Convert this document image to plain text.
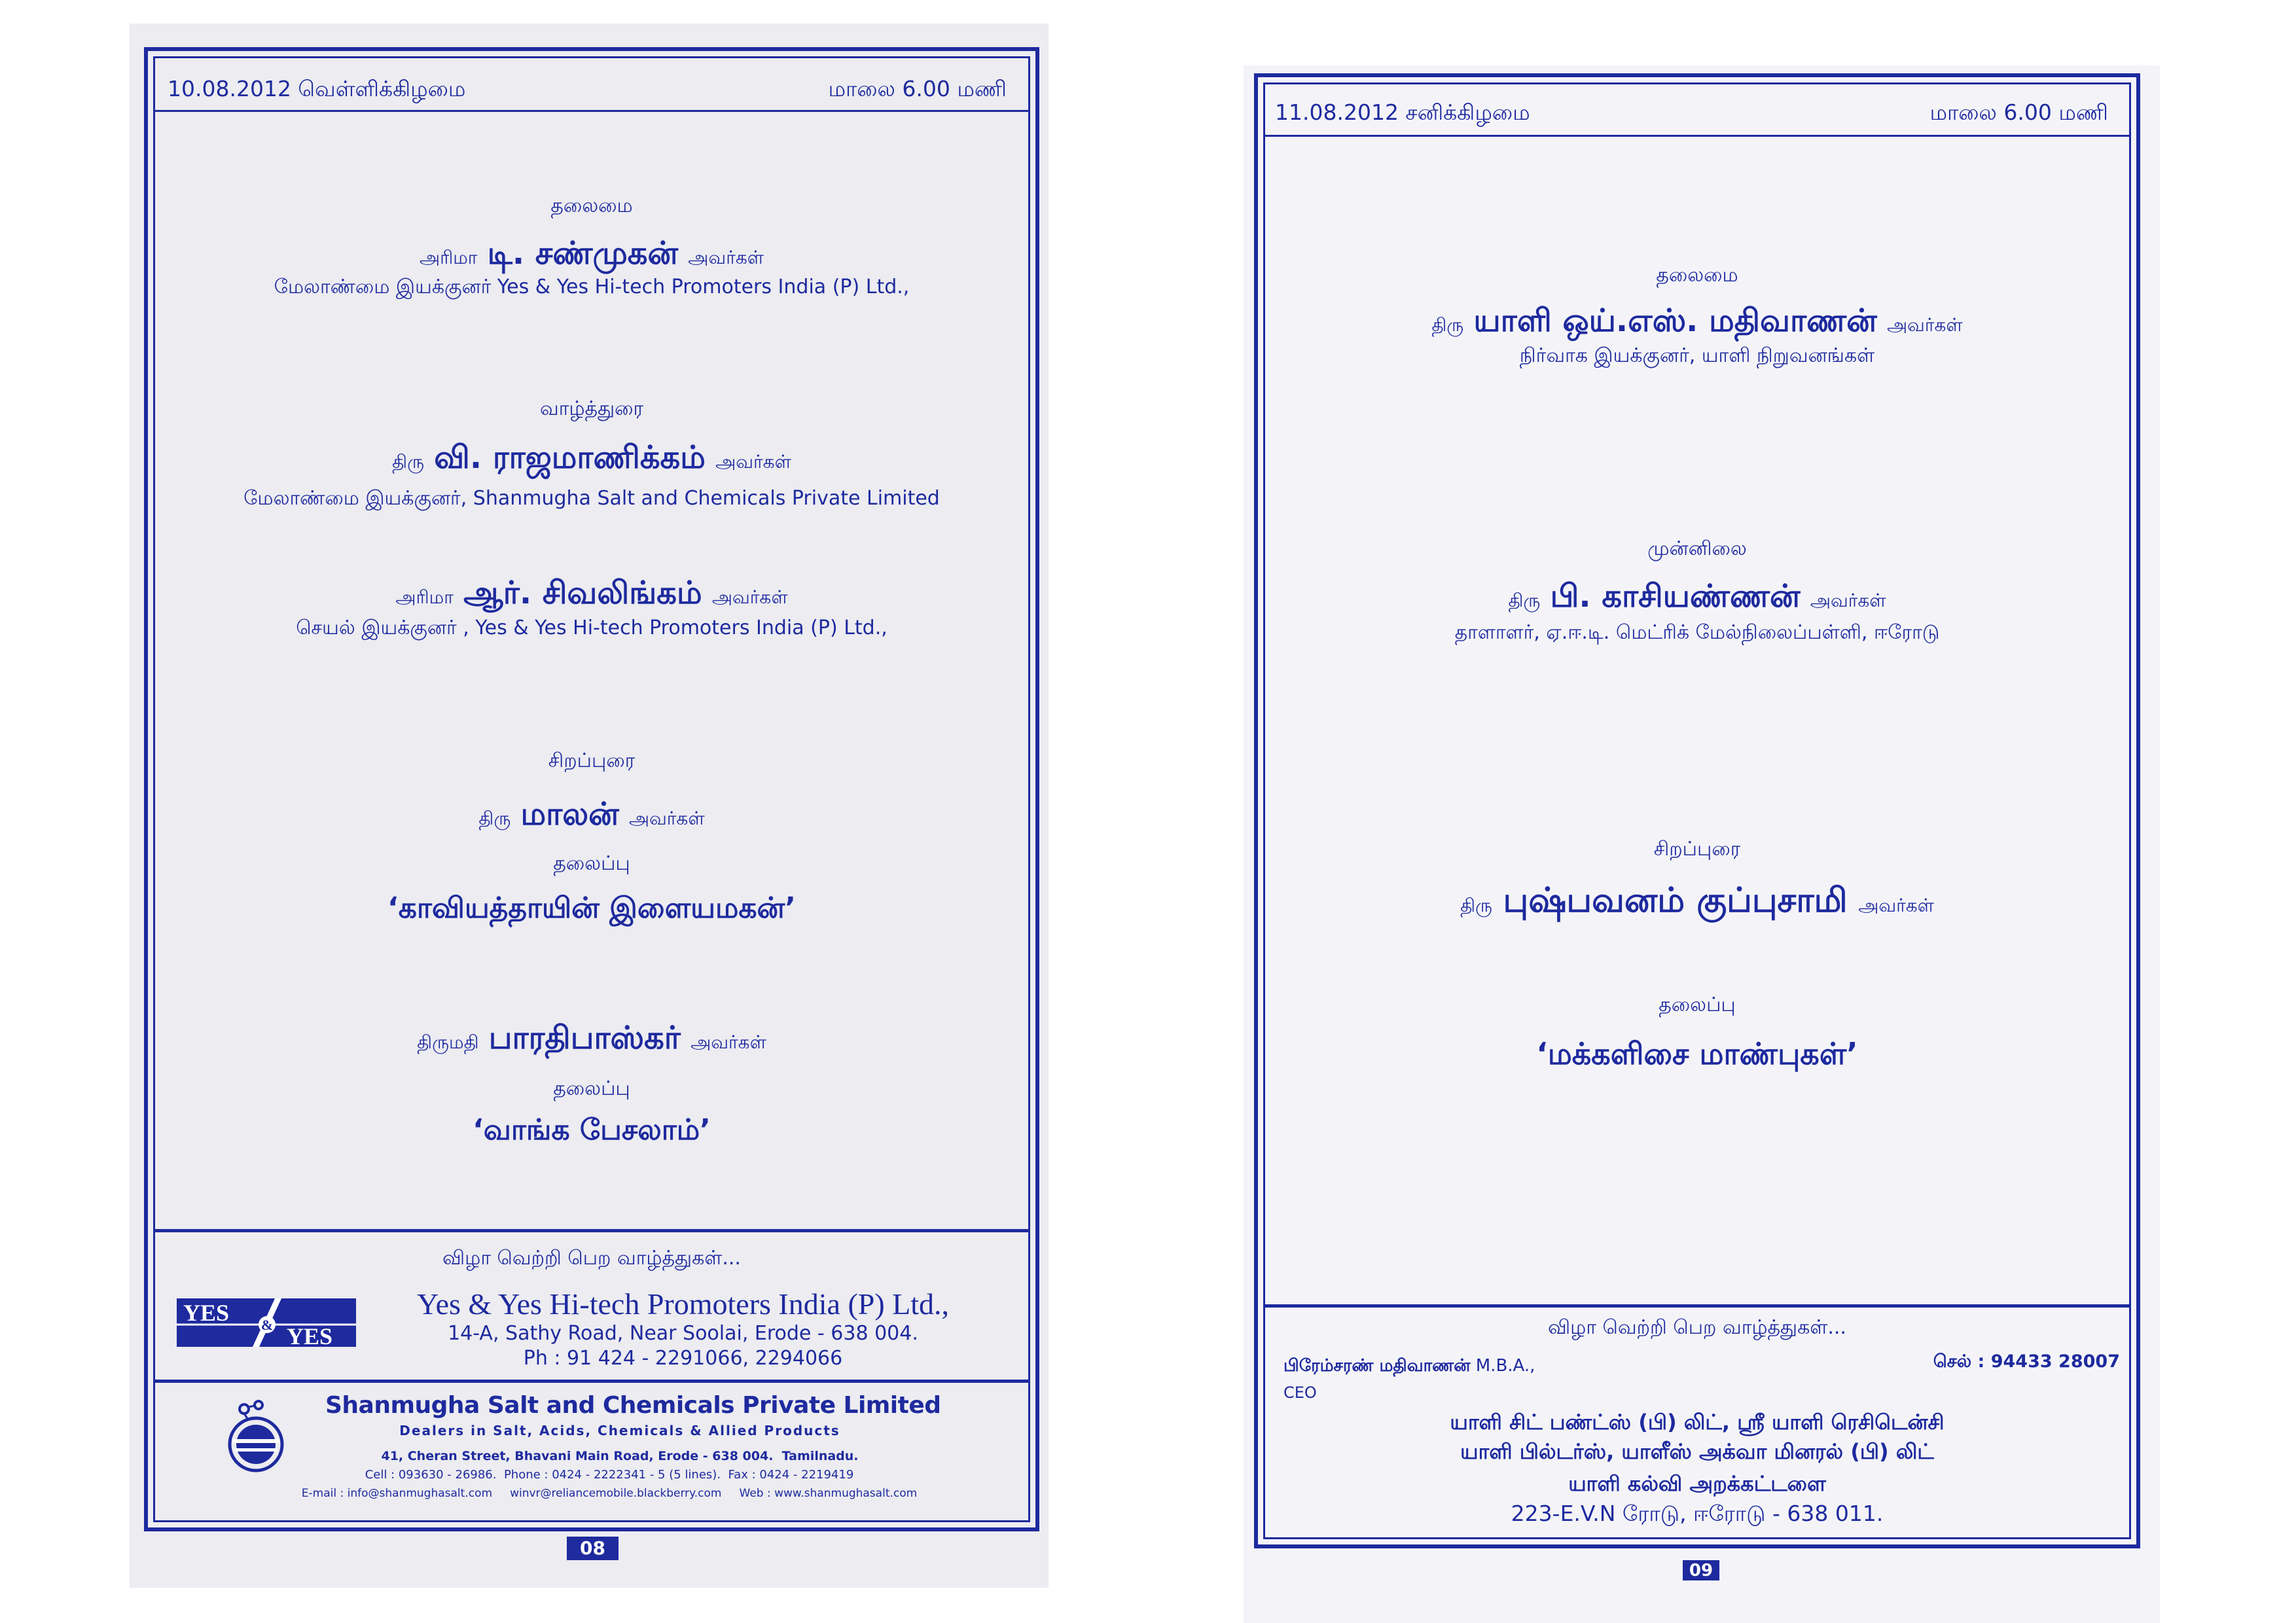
10.08.2012 வெள்ளிக்கிழமை	மாலை 6.00 மணி
தலைமை
அரிமா டி. சண்முகன் அவர்கள்
மேலாண்மை இயக்குனர் Yes & Yes Hi-tech Promoters India (P) Ltd.,
வாழ்த்துரை
திரு வி. ராஜமாணிக்கம் அவர்கள்
மேலாண்மை இயக்குனர், Shanmugha Salt and Chemicals Private Limited
அரிமா ஆர். சிவலிங்கம் அவர்கள்
செயல் இயக்குனர் , Yes & Yes Hi-tech Promoters India (P) Ltd.,
சிறப்புரை
திரு மாலன் அவர்கள்
தலைப்பு
‘காவியத்தாயின் இளையமகன்’
திருமதி பாரதிபாஸ்கர் அவர்கள்
தலைப்பு
‘வாங்க பேசலாம்’
விழா வெற்றி பெற வாழ்த்துகள்...
YES & YES
Yes & Yes Hi-tech Promoters India (P) Ltd.,
14-A, Sathy Road, Near Soolai, Erode - 638 004.
Ph : 91 424 - 2291066, 2294066
Shanmugha Salt and Chemicals Private Limited
Dealers in Salt, Acids, Chemicals & Allied Products
41, Cheran Street, Bhavani Main Road, Erode - 638 004. Tamilnadu.
Cell : 093630 - 26986. Phone : 0424 - 2222341 - 5 (5 lines). Fax : 0424 - 2219419
E-mail : info@shanmughasalt.com winvr@reliancemobile.blackberry.com Web : www.shanmughasalt.com
08
11.08.2012 சனிக்கிழமை	மாலை 6.00 மணி
தலைமை
திரு யாளி ஒய்.எஸ். மதிவாணன் அவர்கள்
நிர்வாக இயக்குனர், யாளி நிறுவனங்கள்
முன்னிலை
திரு பி. காசியண்ணன் அவர்கள்
தாளாளர், ஏ.ஈ.டி. மெட்ரிக் மேல்நிலைப்பள்ளி, ஈரோடு
சிறப்புரை
திரு புஷ்பவனம் குப்புசாமி அவர்கள்
தலைப்பு
‘மக்களிசை மாண்புகள்’
விழா வெற்றி பெற வாழ்த்துகள்...
பிரேம்சரண் மதிவாணன் M.B.A.,
CEO
செல் : 94433 28007
யாளி சிட் பண்ட்ஸ் (பி) லிட், ஸ்ரீ யாளி ரெசிடென்சி
யாளி பில்டர்ஸ், யாளீஸ் அக்வா மினரல் (பி) லிட்
யாளி கல்வி அறக்கட்டளை
223-E.V.N ரோடு, ஈரோடு - 638 011.
09
